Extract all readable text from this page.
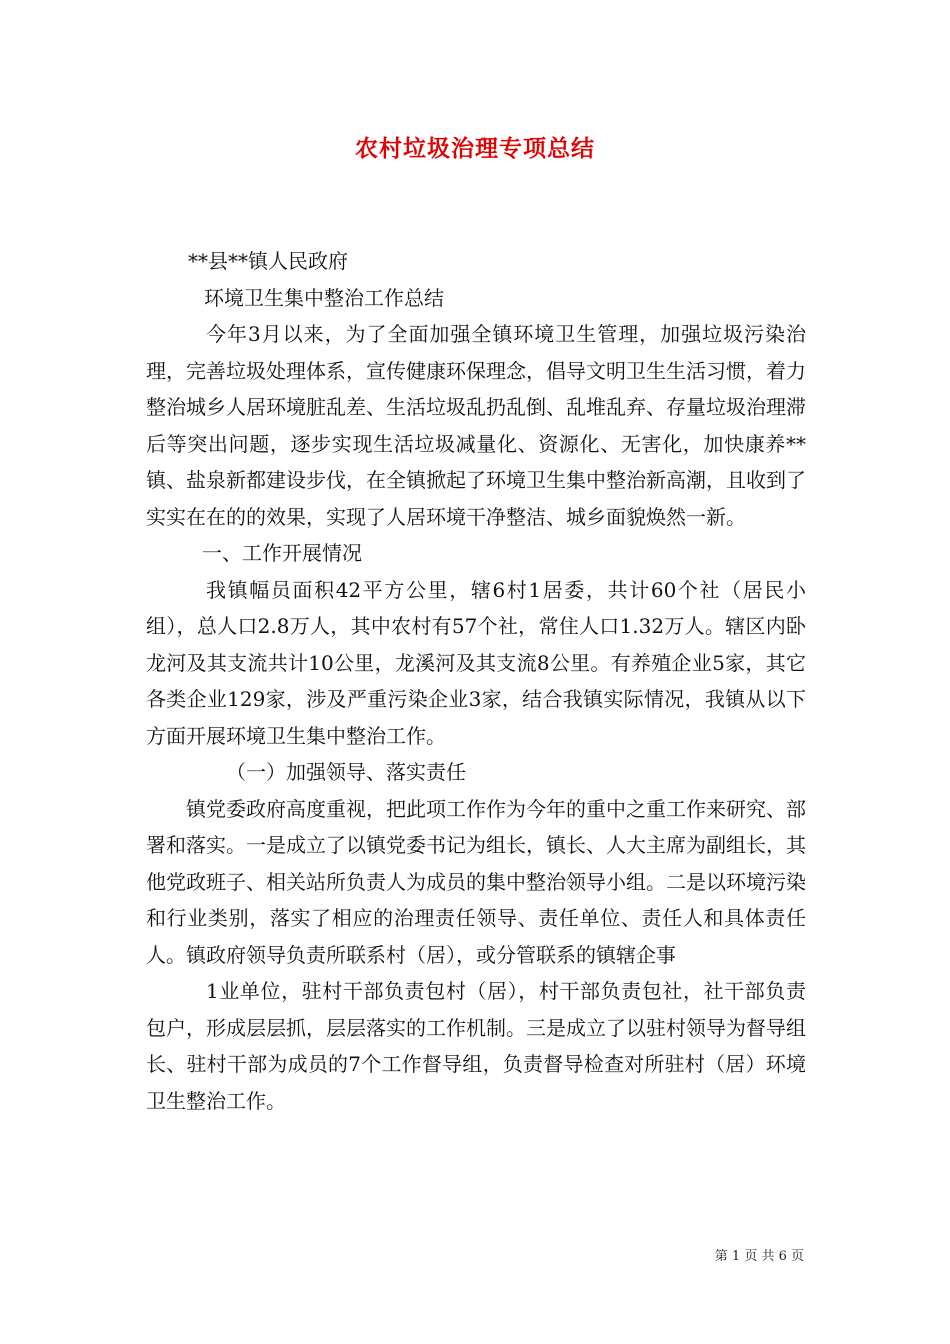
农村垃圾治理专项总结

**县**镇人民政府

环境卫生集中整治工作总结

今年3月以来，为了全面加强全镇环境卫生管理，加强垃圾污染治理，完善垃圾处理体系，宣传健康环保理念，倡导文明卫生生活习惯，着力整治城乡人居环境脏乱差、生活垃圾乱扔乱倒、乱堆乱弃、存量垃圾治理滞后等突出问题，逐步实现生活垃圾减量化、资源化、无害化，加快康养**镇、盐泉新都建设步伐，在全镇掀起了环境卫生集中整治新高潮，且收到了实实在在的的效果，实现了人居环境干净整洁、城乡面貌焕然一新。

一、工作开展情况

我镇幅员面积42平方公里，辖6村1居委，共计60个社（居民小组），总人口2.8万人，其中农村有57个社，常住人口1.32万人。辖区内卧龙河及其支流共计10公里，龙溪河及其支流8公里。有养殖企业5家，其它各类企业129家，涉及严重污染企业3家，结合我镇实际情况，我镇从以下方面开展环境卫生集中整治工作。

（一）加强领导、落实责任

镇党委政府高度重视，把此项工作作为今年的重中之重工作来研究、部署和落实。一是成立了以镇党委书记为组长，镇长、人大主席为副组长，其他党政班子、相关站所负责人为成员的集中整治领导小组。二是以环境污染和行业类别，落实了相应的治理责任领导、责任单位、责任人和具体责任人。镇政府领导负责所联系村（居），或分管联系的镇辖企事

1业单位，驻村干部负责包村（居），村干部负责包社，社干部负责包户，形成层层抓，层层落实的工作机制。三是成立了以驻村领导为督导组长、驻村干部为成员的7个工作督导组，负责督导检查对所驻村（居）环境卫生整治工作。

第 1 页 共 6 页
